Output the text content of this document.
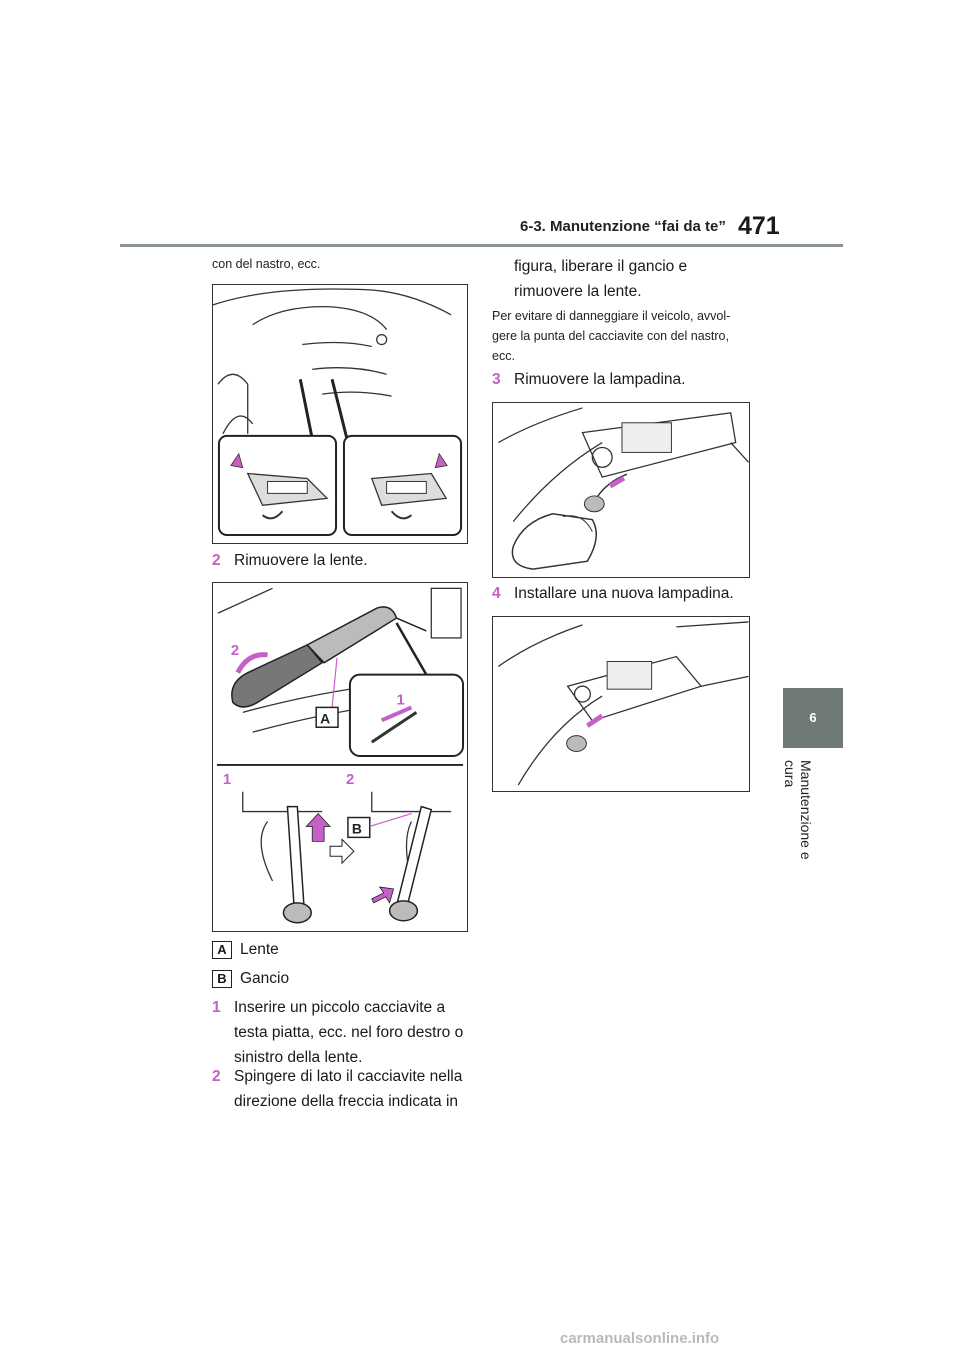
6-3. Manutenzione “fai da te” 471
6
Manutenzione e cura
con del nastro, ecc.
2 Rimuovere la lente.
2
A
1
1	2
B
A Lente
B Gancio
1 Inserire un piccolo cacciavite a testa piatta, ecc. nel foro destro o sinistro della lente.
2 Spingere di lato il cacciavite nella direzione della freccia indicata in
figura, liberare il gancio e rimuovere la lente.
Per evitare di danneggiare il veicolo, avvol-gere la punta del cacciavite con del nastro, ecc.
3 Rimuovere la lampadina.
4 Installare una nuova lampadina.
carmanualsonline.info
